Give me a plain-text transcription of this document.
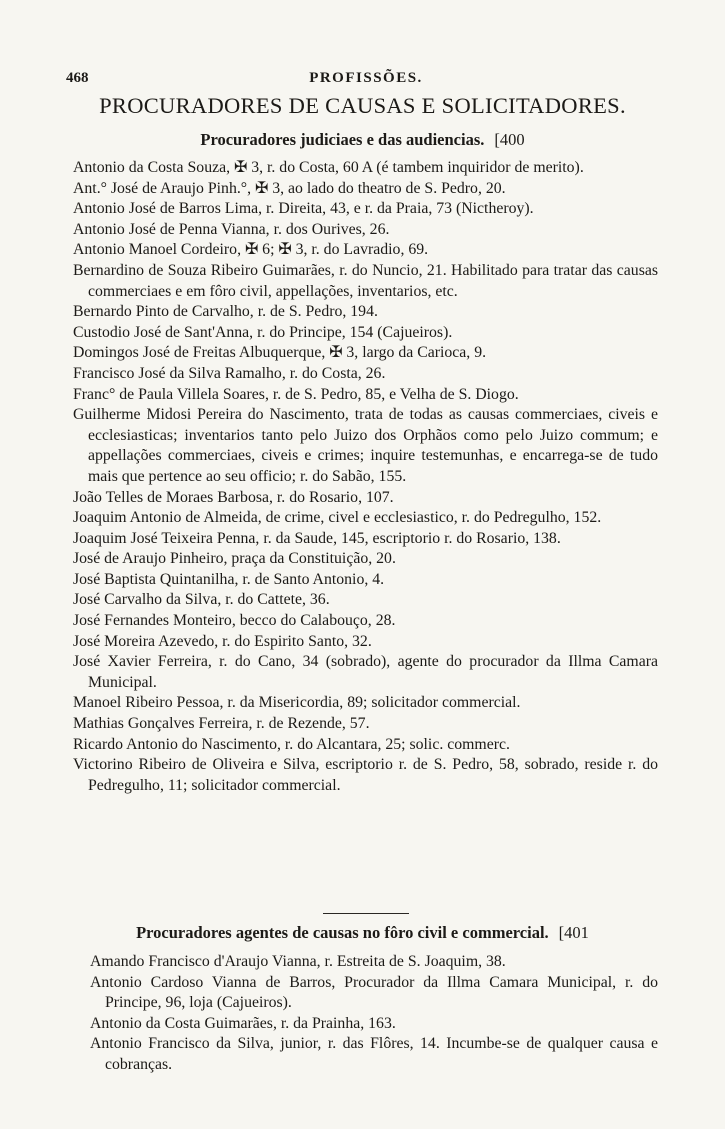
468	PROFISSÕES.
PROCURADORES DE CAUSAS E SOLICITADORES.
Procuradores judiciaes e das audiencias. [400
Antonio da Costa Souza, ✠ 3, r. do Costa, 60 A (é tambem inquiridor de merito).
Ant.° José de Araujo Pinh.°, ✠ 3, ao lado do theatro de S. Pedro, 20.
Antonio José de Barros Lima, r. Direita, 43, e r. da Praia, 73 (Nictheroy).
Antonio José de Penna Vianna, r. dos Ourives, 26.
Antonio Manoel Cordeiro, ✠ 6; ✠ 3, r. do Lavradio, 69.
Bernardino de Souza Ribeiro Guimarães, r. do Nuncio, 21. Habilitado para tratar das causas commerciaes e em fôro civil, appellações, inventarios, etc.
Bernardo Pinto de Carvalho, r. de S. Pedro, 194.
Custodio José de Sant'Anna, r. do Principe, 154 (Cajueiros).
Domingos José de Freitas Albuquerque, ✠ 3, largo da Carioca, 9.
Francisco José da Silva Ramalho, r. do Costa, 26.
Franc° de Paula Villela Soares, r. de S. Pedro, 85, e Velha de S. Diogo.
Guilherme Midosi Pereira do Nascimento, trata de todas as causas commerciaes, civeis e ecclesiasticas; inventarios tanto pelo Juizo dos Orphãos como pelo Juizo commum; e appellações commerciaes, civeis e crimes; inquire testemunhas, e encarrega-se de tudo mais que pertence ao seu officio; r. do Sabão, 155.
João Telles de Moraes Barbosa, r. do Rosario, 107.
Joaquim Antonio de Almeida, de crime, civel e ecclesiastico, r. do Pedregulho, 152.
Joaquim José Teixeira Penna, r. da Saude, 145, escriptorio r. do Rosario, 138.
José de Araujo Pinheiro, praça da Constituição, 20.
José Baptista Quintanilha, r. de Santo Antonio, 4.
José Carvalho da Silva, r. do Cattete, 36.
José Fernandes Monteiro, becco do Calabouço, 28.
José Moreira Azevedo, r. do Espirito Santo, 32.
José Xavier Ferreira, r. do Cano, 34 (sobrado), agente do procurador da Illma Camara Municipal.
Manoel Ribeiro Pessoa, r. da Misericordia, 89; solicitador commercial.
Mathias Gonçalves Ferreira, r. de Rezende, 57.
Ricardo Antonio do Nascimento, r. do Alcantara, 25; solic. commerc.
Victorino Ribeiro de Oliveira e Silva, escriptorio r. de S. Pedro, 58, sobrado, reside r. do Pedregulho, 11; solicitador commercial.
Procuradores agentes de causas no fôro civil e commercial. [401
Amando Francisco d'Araujo Vianna, r. Estreita de S. Joaquim, 38.
Antonio Cardoso Vianna de Barros, Procurador da Illma Camara Municipal, r. do Principe, 96, loja (Cajueiros).
Antonio da Costa Guimarães, r. da Prainha, 163.
Antonio Francisco da Silva, junior, r. das Flôres, 14. Incumbe-se de qualquer causa e cobranças.
